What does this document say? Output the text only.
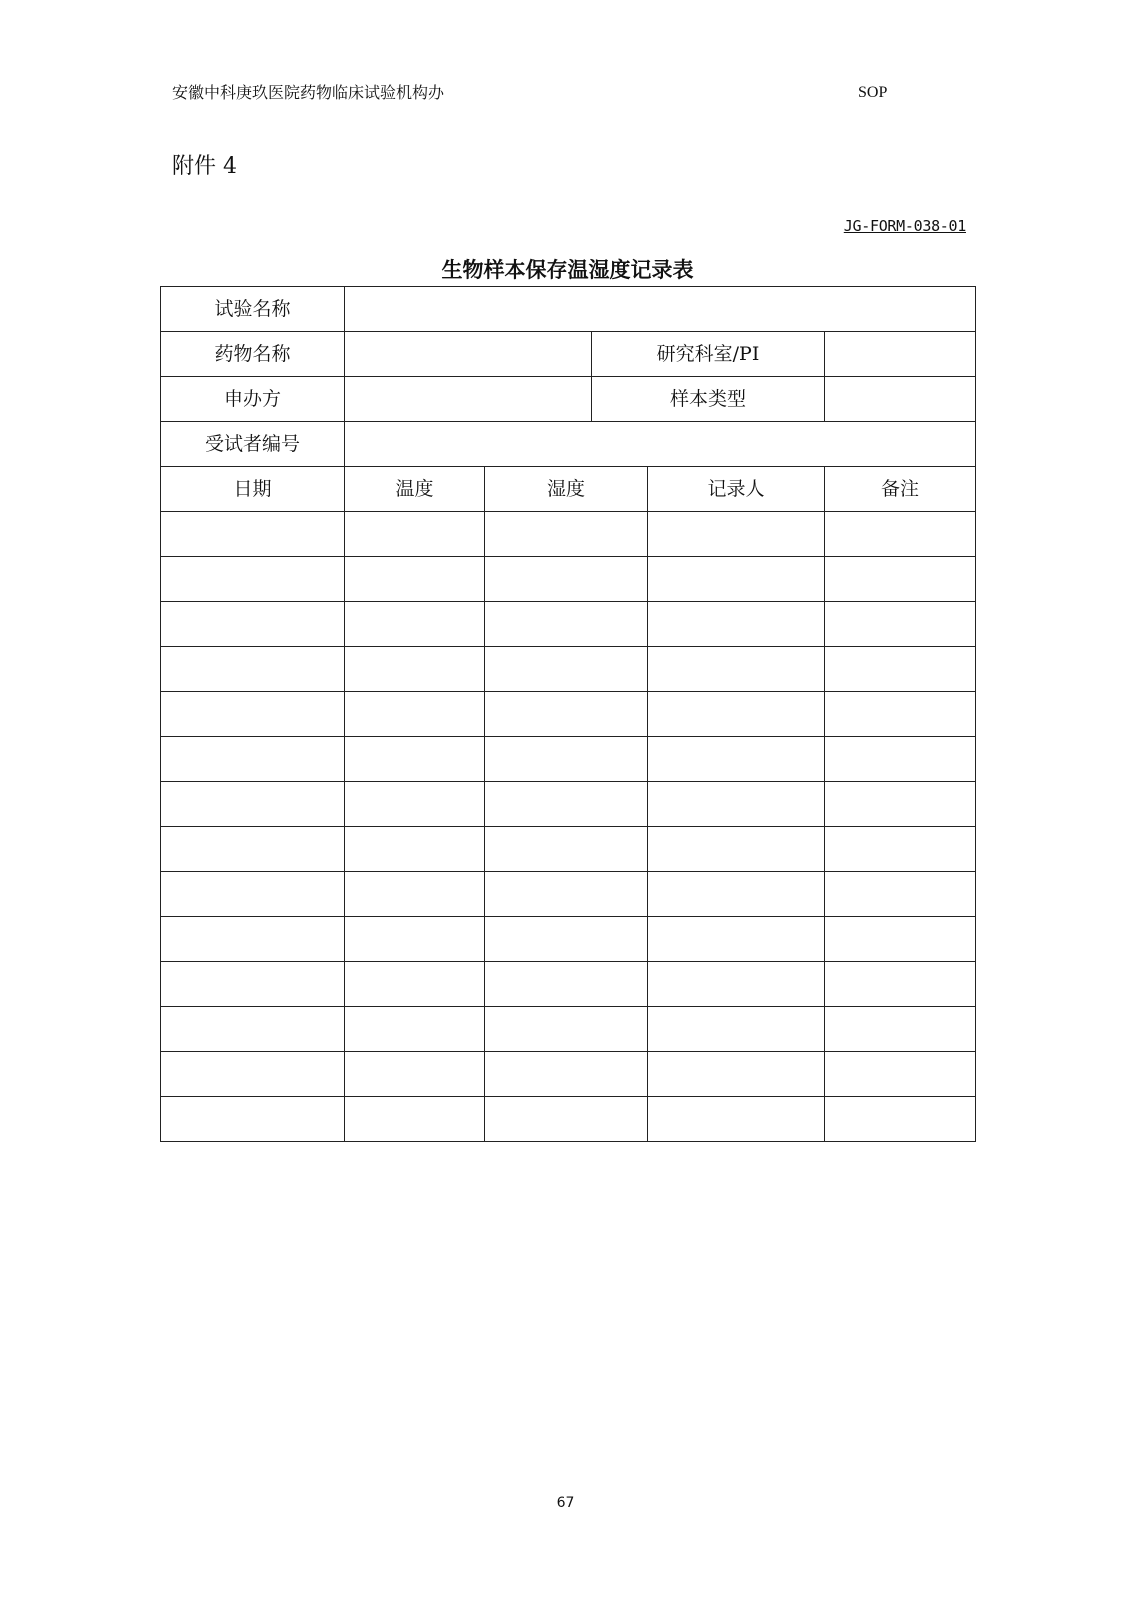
安徽中科庚玖医院药物临床试验机构办	SOP
附件 4
JG-FORM-038-01
生物样本保存温湿度记录表
试验名称					
药物名称			研究科室/PI		
申办方			样本类型		
受试者编号					
日期	温度	湿度		记录人	备注

67
